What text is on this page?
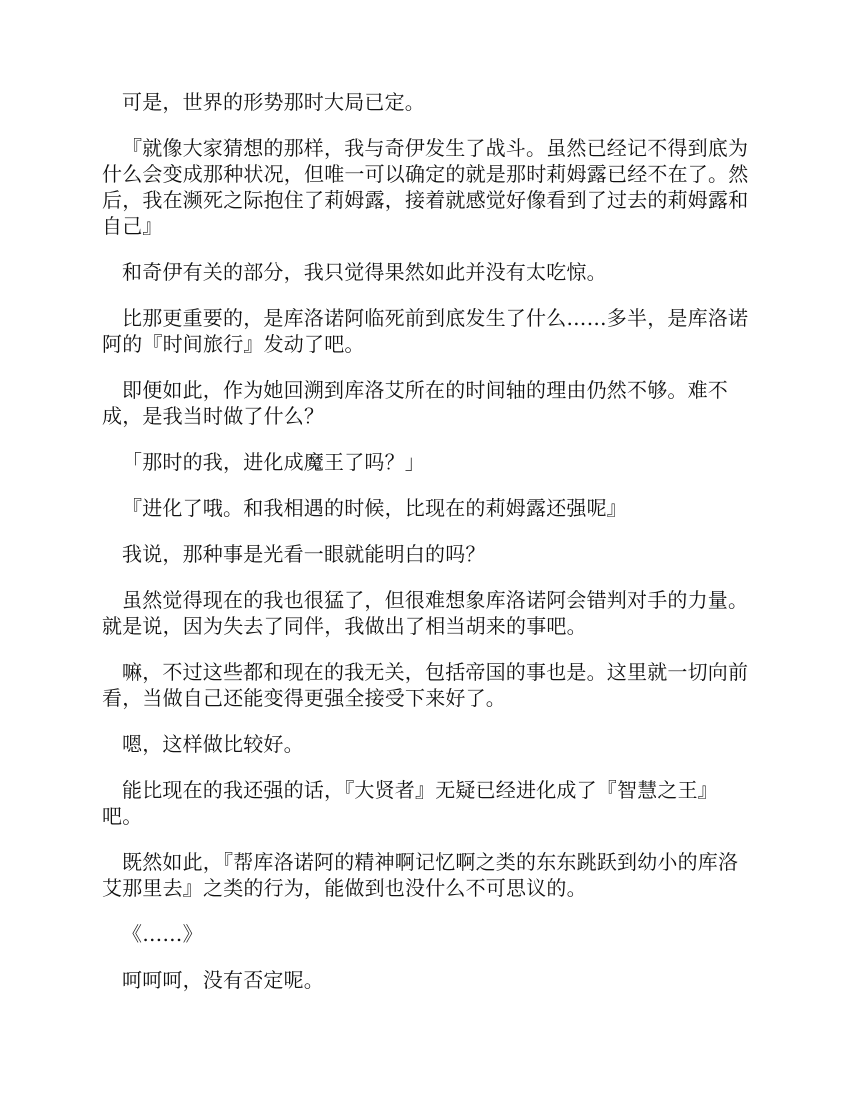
可是，世界的形势那时大局已定。

『就像大家猜想的那样，我与奇伊发生了战斗。虽然已经记不得到底为什么会变成那种状况，但唯一可以确定的就是那时莉姆露已经不在了。然后，我在濒死之际抱住了莉姆露，接着就感觉好像看到了过去的莉姆露和自己』

和奇伊有关的部分，我只觉得果然如此并没有太吃惊。

比那更重要的，是库洛诺阿临死前到底发生了什么……多半，是库洛诺阿的『时间旅行』发动了吧。

即便如此，作为她回溯到库洛艾所在的时间轴的理由仍然不够。难不成，是我当时做了什么？

「那时的我，进化成魔王了吗？」

『进化了哦。和我相遇的时候，比现在的莉姆露还强呢』

我说，那种事是光看一眼就能明白的吗？

虽然觉得现在的我也很猛了，但很难想象库洛诺阿会错判对手的力量。就是说，因为失去了同伴，我做出了相当胡来的事吧。

嘛，不过这些都和现在的我无关，包括帝国的事也是。这里就一切向前看，当做自己还能变得更强全接受下来好了。

嗯，这样做比较好。

能比现在的我还强的话，『大贤者』无疑已经进化成了『智慧之王』吧。

既然如此，『帮库洛诺阿的精神啊记忆啊之类的东东跳跃到幼小的库洛艾那里去』之类的行为，能做到也没什么不可思议的。

《……》

呵呵呵，没有否定呢。
